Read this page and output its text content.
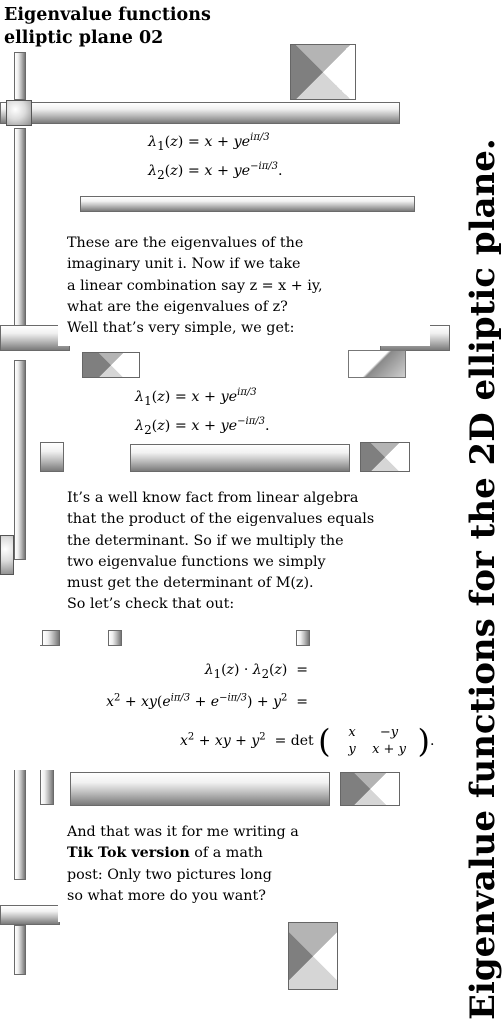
Eigenvalue functions
elliptic plane 02
$\lambda_1(z) = x + ye^{i\pi/3}$
$\lambda_2(z) = x + ye^{-i\pi/3}$.

These are the eigenvalues of the

imaginary unit i. Now if we take

a linear combination say z = x + iy,

what are the eigenvalues of z?

Well that’s very simple, we get:

$\lambda_1(z) = x + ye^{i\pi/3}$
$\lambda_2(z) = x + ye^{-i\pi/3}$.

It’s a well know fact from linear algebra

that the product of the eigenvalues equals

the determinant. So if we multiply the

two eigenvalue functions we simply

must get the determinant of M(z).

So let’s check that out:

$\lambda_1(z) \cdot \lambda_2(z)$  =
$x^2 + xy(e^{i\pi/3} + e^{-i\pi/3}) + y^2$  =
$x^2$ + xy + $y^2 = \det$ ( x −y
y x + y ).

And that was it for me writing a

Tik Tok version of a math

post: Only two pictures long

so what more do you want?	Eigenvalue functions for the 2D elliptic plane.
